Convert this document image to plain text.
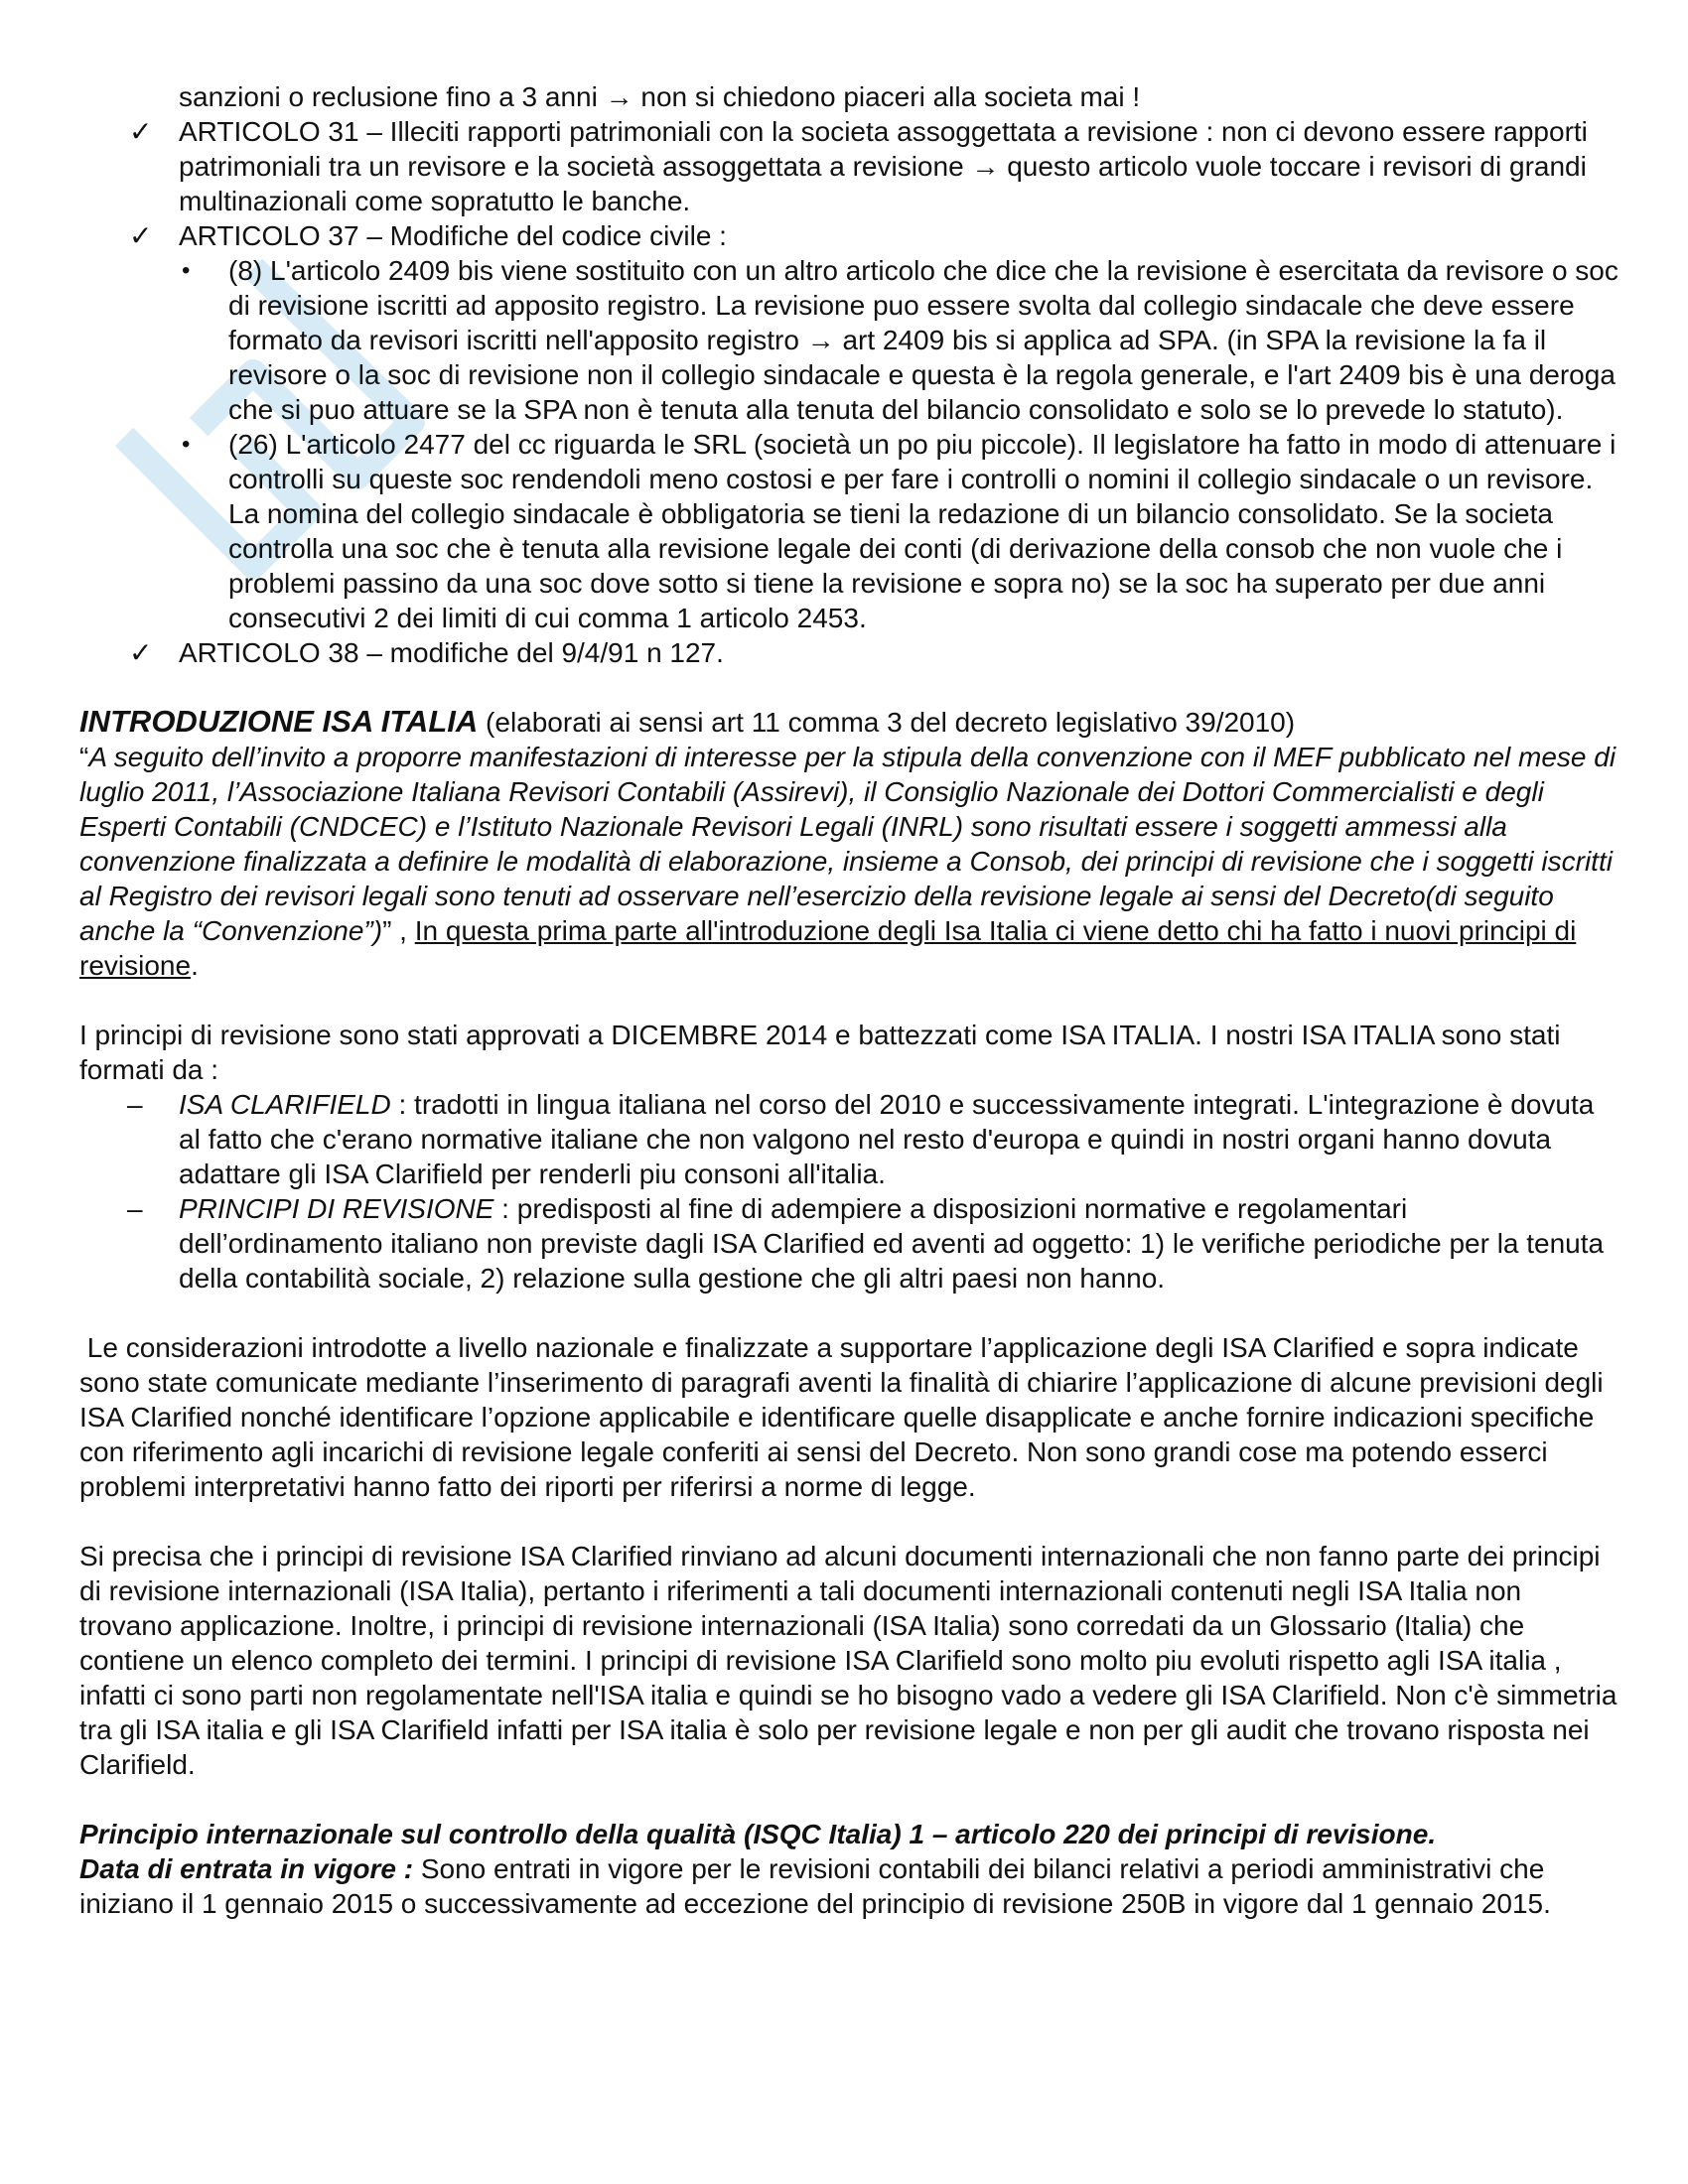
sanzioni o reclusione fino a 3 anni → non si chiedono piaceri alla societa mai !

✓ ARTICOLO 31 – Illeciti rapporti patrimoniali con la societa assoggettata a revisione : non ci devono essere rapporti patrimoniali tra un revisore e la società assoggettata a revisione → questo articolo vuole toccare i revisori di grandi multinazionali come sopratutto le banche.
✓ ARTICOLO 37 – Modifiche del codice civile :
• (8) L'articolo 2409 bis viene sostituito con un altro articolo che dice che la revisione è esercitata da revisore o soc di revisione iscritti ad apposito registro. La revisione puo essere svolta dal collegio sindacale che deve essere formato da revisori iscritti nell'apposito registro → art 2409 bis si applica ad SPA. (in SPA la revisione la fa il revisore o la soc di revisione non il collegio sindacale e questa è la regola generale, e l'art 2409 bis è una deroga che si puo attuare se la SPA non è tenuta alla tenuta del bilancio consolidato e solo se lo prevede lo statuto).
• (26) L'articolo 2477 del cc riguarda le SRL (società un po piu piccole). Il legislatore ha fatto in modo di attenuare i controlli su queste soc rendendoli meno costosi e per fare i controlli o nomini il collegio sindacale o un revisore. La nomina del collegio sindacale è obbligatoria se tieni la redazione di un bilancio consolidato. Se la societa controlla una soc che è tenuta alla revisione legale dei conti (di derivazione della consob che non vuole che i problemi passino da una soc dove sotto si tiene la revisione e sopra no) se la soc ha superato per due anni consecutivi 2 dei limiti di cui comma 1 articolo 2453.
✓ ARTICOLO 38 – modifiche del 9/4/91 n 127.

INTRODUZIONE ISA ITALIA (elaborati ai sensi art 11 comma 3 del decreto legislativo 39/2010)

“A seguito dell’invito a proporre manifestazioni di interesse per la stipula della convenzione con il MEF pubblicato nel mese di luglio 2011, l’Associazione Italiana Revisori Contabili (Assirevi), il Consiglio Nazionale dei Dottori Commercialisti e degli Esperti Contabili (CNDCEC) e l’Istituto Nazionale Revisori Legali (INRL) sono risultati essere i soggetti ammessi alla convenzione finalizzata a definire le modalità di elaborazione, insieme a Consob, dei principi di revisione che i soggetti iscritti al Registro dei revisori legali sono tenuti ad osservare nell’esercizio della revisione legale ai sensi del Decreto(di seguito anche la “Convenzione”)” , In questa prima parte all'introduzione degli Isa Italia ci viene detto chi ha fatto i nuovi principi di revisione.

I principi di revisione sono stati approvati a DICEMBRE 2014 e battezzati come ISA ITALIA. I nostri ISA ITALIA sono stati formati da :

– ISA CLARIFIELD : tradotti in lingua italiana nel corso del 2010 e successivamente integrati. L'integrazione è dovuta al fatto che c'erano normative italiane che non valgono nel resto d'europa e quindi in nostri organi hanno dovuta adattare gli ISA Clarifield per renderli piu consoni all'italia.
– PRINCIPI DI REVISIONE : predisposti al fine di adempiere a disposizioni normative e regolamentari dell’ordinamento italiano non previste dagli ISA Clarified ed aventi ad oggetto: 1) le verifiche periodiche per la tenuta della contabilità sociale, 2) relazione sulla gestione che gli altri paesi non hanno.

Le considerazioni introdotte a livello nazionale e finalizzate a supportare l’applicazione degli ISA Clarified e sopra indicate sono state comunicate mediante l’inserimento di paragrafi aventi la finalità di chiarire l’applicazione di alcune previsioni degli ISA Clarified nonché identificare l’opzione applicabile e identificare quelle disapplicate e anche fornire indicazioni specifiche con riferimento agli incarichi di revisione legale conferiti ai sensi del Decreto. Non sono grandi cose ma potendo esserci problemi interpretativi hanno fatto dei riporti per riferirsi a norme di legge.

Si precisa che i principi di revisione ISA Clarified rinviano ad alcuni documenti internazionali che non fanno parte dei principi di revisione internazionali (ISA Italia), pertanto i riferimenti a tali documenti internazionali contenuti negli ISA Italia non trovano applicazione. Inoltre, i principi di revisione internazionali (ISA Italia) sono corredati da un Glossario (Italia) che contiene un elenco completo dei termini. I principi di revisione ISA Clarifield sono molto piu evoluti rispetto agli ISA italia , infatti ci sono parti non regolamentate nell'ISA italia e quindi se ho bisogno vado a vedere gli ISA Clarifield. Non c'è simmetria tra gli ISA italia e gli ISA Clarifield infatti per ISA italia è solo per revisione legale e non per gli audit che trovano risposta nei Clarifield.

Principio internazionale sul controllo della qualità (ISQC Italia) 1 – articolo 220 dei principi di revisione.

Data di entrata in vigore : Sono entrati in vigore per le revisioni contabili dei bilanci relativi a periodi amministrativi che iniziano il 1 gennaio 2015 o successivamente ad eccezione del principio di revisione 250B in vigore dal 1 gennaio 2015.
